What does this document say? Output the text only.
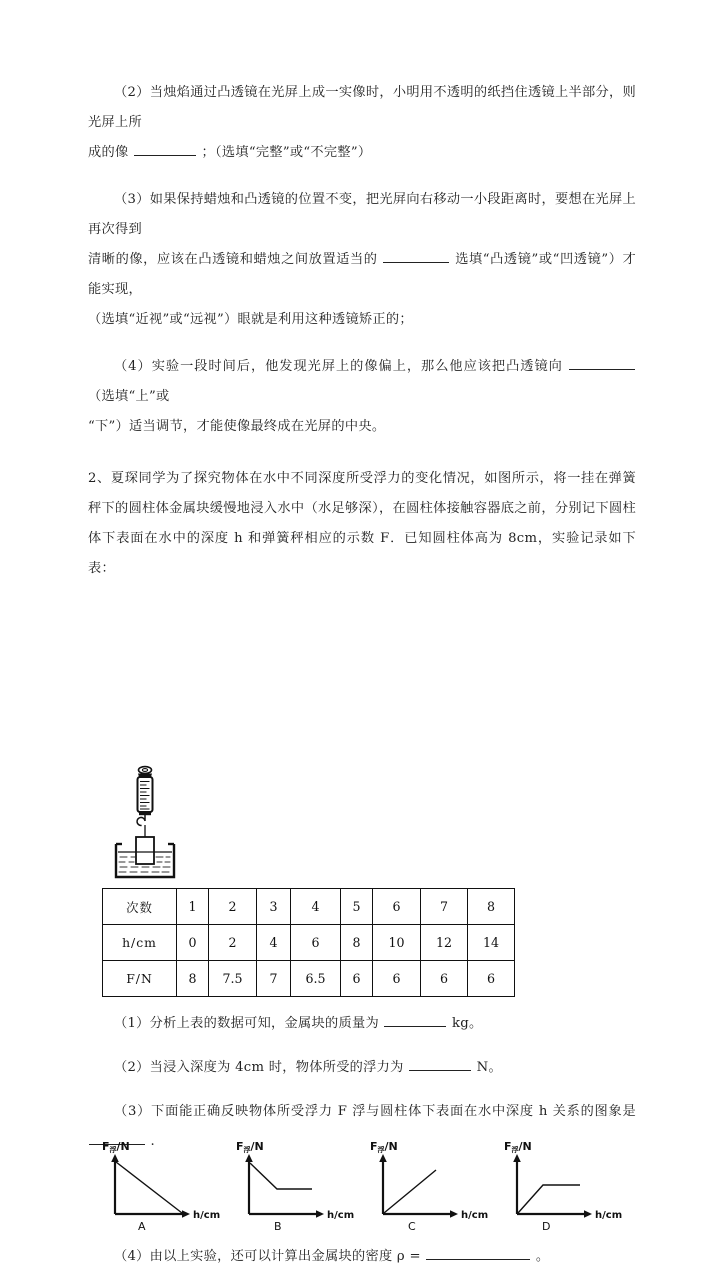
（2）当烛焰通过凸透镜在光屏上成一实像时，小明用不透明的纸挡住透镜上半部分，则光屏上所

成的像	；（选填“完整”或“不完整”）

（3）如果保持蜡烛和凸透镜的位置不变，把光屏向右移动一小段距离时，要想在光屏上再次得到

清晰的像，应该在凸透镜和蜡烛之间放置适当的	选填“凸透镜”或“凹透镜”）才能实现，

（选填“近视”或“远视”）眼就是利用这种透镜矫正的；

（4）实验一段时间后，他发现光屏上的像偏上，那么他应该把凸透镜向  （选填“上”或

“下”）适当调节，才能使像最终成在光屏的中央。

2、夏琛同学为了探究物体在水中不同深度所受浮力的变化情况，如图所示，将一挂在弹簧秤下的圆柱体金属块缓慢地浸入水中（水足够深），在圆柱体接触容器底之前，分别记下圆柱体下表面在水中的深度 h 和弹簧秤相应的示数 F．已知圆柱体高为 8cm，实验记录如下表：

次数	1	2	3	4	5	6	7	8
h/cm	0	2	4	6	8	10	12	14
F/N	8	7.5	7	6.5	6	6	6	6

（1）分析上表的数据可知，金属块的质量为	kg。

（2）当浸入深度为 4cm 时，物体所受的浮力为	N。

（3）下面能正确反映物体所受浮力 F 浮与圆柱体下表面在水中深度 h 关系的图象是  .

F浮/N
h/cm
A
F浮/N
h/cm
B
F浮/N
h/cm
C
F浮/N
h/cm
D

（4）由以上实验，还可以计算出金属块的密度 ρ =	。
